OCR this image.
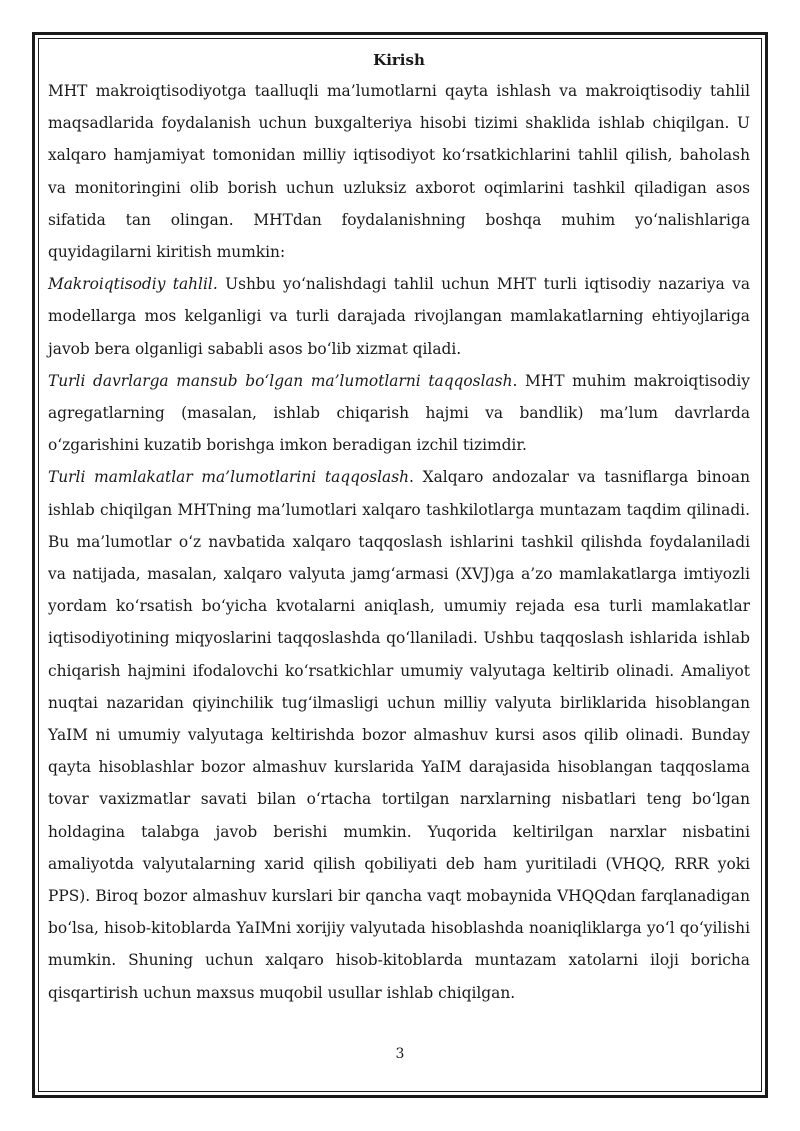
Kirish

MHT makroiqtisodiyotga taalluqli ma’lumotlarni qayta ishlash va makroiqtisodiy tahlil maqsadlarida foydalanish uchun buxgalteriya hisobi tizimi shaklida ishlab chiqilgan. U xalqaro hamjamiyat tomonidan milliy iqtisodiyot ko‘rsatkichlarini tahlil qilish, baholash va monitoringini olib borish uchun uzluksiz axborot oqimlarini tashkil qiladigan asos sifatida tan olingan. MHTdan foydalanishning boshqa muhim yo‘nalishlariga quyidagilarni kiritish mumkin:

Makroiqtisodiy tahlil. Ushbu yo‘nalishdagi tahlil uchun MHT turli iqtisodiy nazariya va modellarga mos kelganligi va turli darajada rivojlangan mamlakatlarning ehtiyojlariga javob bera olganligi sababli asos bo‘lib xizmat qiladi.

Turli davrlarga mansub bo‘lgan ma’lumotlarni taqqoslash. MHT muhim makroiqtisodiy agregatlarning (masalan, ishlab chiqarish hajmi va bandlik) ma’lum davrlarda o‘zgarishini kuzatib borishga imkon beradigan izchil tizimdir.

Turli mamlakatlar ma’lumotlarini taqqoslash. Xalqaro andozalar va tasniflarga binoan ishlab chiqilgan MHTning ma’lumotlari xalqaro tashkilotlarga muntazam taqdim qilinadi. Bu ma’lumotlar o‘z navbatida xalqaro taqqoslash ishlarini tashkil qilishda foydalaniladi va natijada, masalan, xalqaro valyuta jamg‘armasi (XVJ)ga a’zo mamlakatlarga imtiyozli yordam ko‘rsatish bo‘yicha kvotalarni aniqlash, umumiy rejada esa turli mamlakatlar iqtisodiyotining miqyoslarini taqqoslashda qo‘llaniladi. Ushbu taqqoslash ishlarida ishlab chiqarish hajmini ifodalovchi ko‘rsatkichlar umumiy valyutaga keltirib olinadi. Amaliyot nuqtai nazaridan qiyinchilik tug‘ilmasligi uchun milliy valyuta birliklarida hisoblangan YaIM ni umumiy valyutaga keltirishda bozor almashuv kursi asos qilib olinadi. Bunday qayta hisoblashlar bozor almashuv kurslarida YaIM darajasida hisoblangan taqqoslama tovar vaxizmatlar savati bilan o‘rtacha tortilgan narxlarning nisbatlari teng bo‘lgan holdagina talabga javob berishi mumkin. Yuqorida keltirilgan narxlar nisbatini amaliyotda valyutalarning xarid qilish qobiliyati deb ham yuritiladi (VHQQ, RRR yoki PPS). Biroq bozor almashuv kurslari bir qancha vaqt mobaynida VHQQdan farqlanadigan bo‘lsa, hisob-kitoblarda YaIMni xorijiy valyutada hisoblashda noaniqliklarga yo‘l qo‘yilishi mumkin. Shuning uchun xalqaro hisob-kitoblarda muntazam xatolarni iloji boricha qisqartirish uchun maxsus muqobil usullar ishlab chiqilgan.

3
